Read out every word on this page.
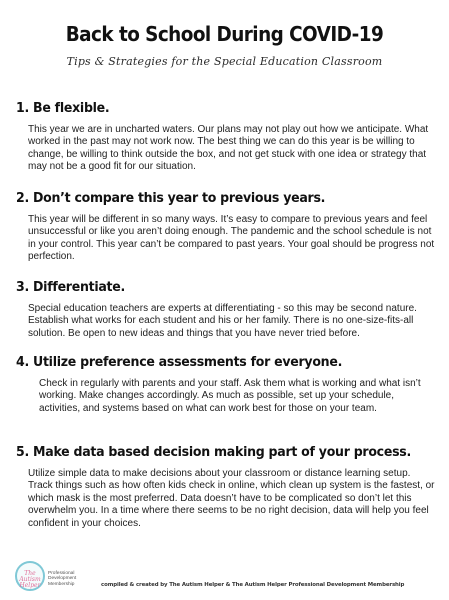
Back to School During COVID-19
Tips & Strategies for the Special Education Classroom
1. Be flexible.

This year we are in uncharted waters. Our plans may not play out how we anticipate. What worked in the past may not work now. The best thing we can do this year is be willing to change, be willing to think outside the box, and not get stuck with one idea or strategy that may not be a good fit for our situation.

2. Don’t compare this year to previous years.

This year will be different in so many ways. It’s easy to compare to previous years and feel unsuccessful or like you aren’t doing enough. The pandemic and the school schedule is not in your control. This year can’t be compared to past years. Your goal should be progress not perfection.

3. Differentiate.

Special education teachers are experts at differentiating - so this may be second nature. Establish what works for each student and his or her family. There is no one-size-fits-all solution. Be open to new ideas and things that you have never tried before.

4. Utilize preference assessments for everyone.

Check in regularly with parents and your staff. Ask them what is working and what isn’t working. Make changes accordingly. As much as possible, set up your schedule, activities, and systems based on what can work best for those on your team.

5. Make data based decision making part of your process.

Utilize simple data to make decisions about your classroom or distance learning setup. Track things such as how often kids check in online, which clean up system is the fastest, or which mask is the most preferred. Data doesn’t have to be complicated so don’t let this overwhelm you. In a time where there seems to be no right decision, data will help you feel confident in your choices.

The Autism Helper
Professional Development Membership	compiled & created by The Autism Helper & The Autism Helper Professional Development Membership
